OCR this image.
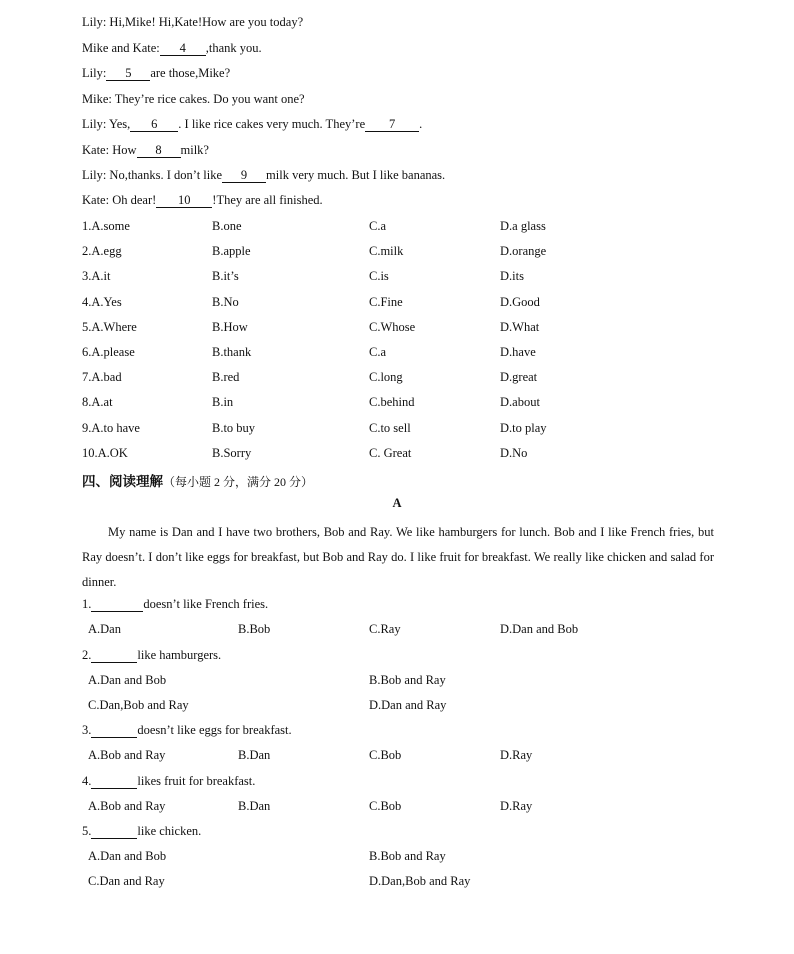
Lily: Hi,Mike! Hi,Kate!How are you today?
Mike and Kate: 4 ,thank you.
Lily: 5 are those,Mike?
Mike: They’re rice cakes. Do you want one?
Lily: Yes, 6 . I like rice cakes very much. They’re 7 .
Kate: How 8 milk?
Lily: No,thanks. I don’t like 9 milk very much. But I like bananas.
Kate: Oh dear! 10 !They are all finished.
1.A.some	B.one	C.a	D.a glass
2.A.egg	B.apple	C.milk	D.orange
3.A.it	B.it’s	C.is	D.its
4.A.Yes	B.No	C.Fine	D.Good
5.A.Where	B.How	C.Whose	D.What
6.A.please	B.thank	C.a	D.have
7.A.bad	B.red	C.long	D.great
8.A.at	B.in	C.behind	D.about
9.A.to have	B.to buy	C.to sell	D.to play
10.A.OK	B.Sorry	C. Great	D.No
四、阅读理解（每小题 2 分，满分 20 分）
A
My name is Dan and I have two brothers, Bob and Ray. We like hamburgers for lunch. Bob and I like French fries, but Ray doesn’t. I don’t like eggs for breakfast, but Bob and Ray do. I like fruit for breakfast. We really like chicken and salad for dinner.
1.	doesn’t like French fries.
A.Dan	B.Bob	C.Ray	D.Dan and Bob
2.	like hamburgers.
A.Dan and Bob	B.Bob and Ray
C.Dan,Bob and Ray	D.Dan and Ray
3.	doesn’t like eggs for breakfast.
A.Bob and Ray	B.Dan	C.Bob	D.Ray
4.	likes fruit for breakfast.
A.Bob and Ray	B.Dan	C.Bob	D.Ray
5.	like chicken.
A.Dan and Bob	B.Bob and Ray
C.Dan and Ray	D.Dan,Bob and Ray
